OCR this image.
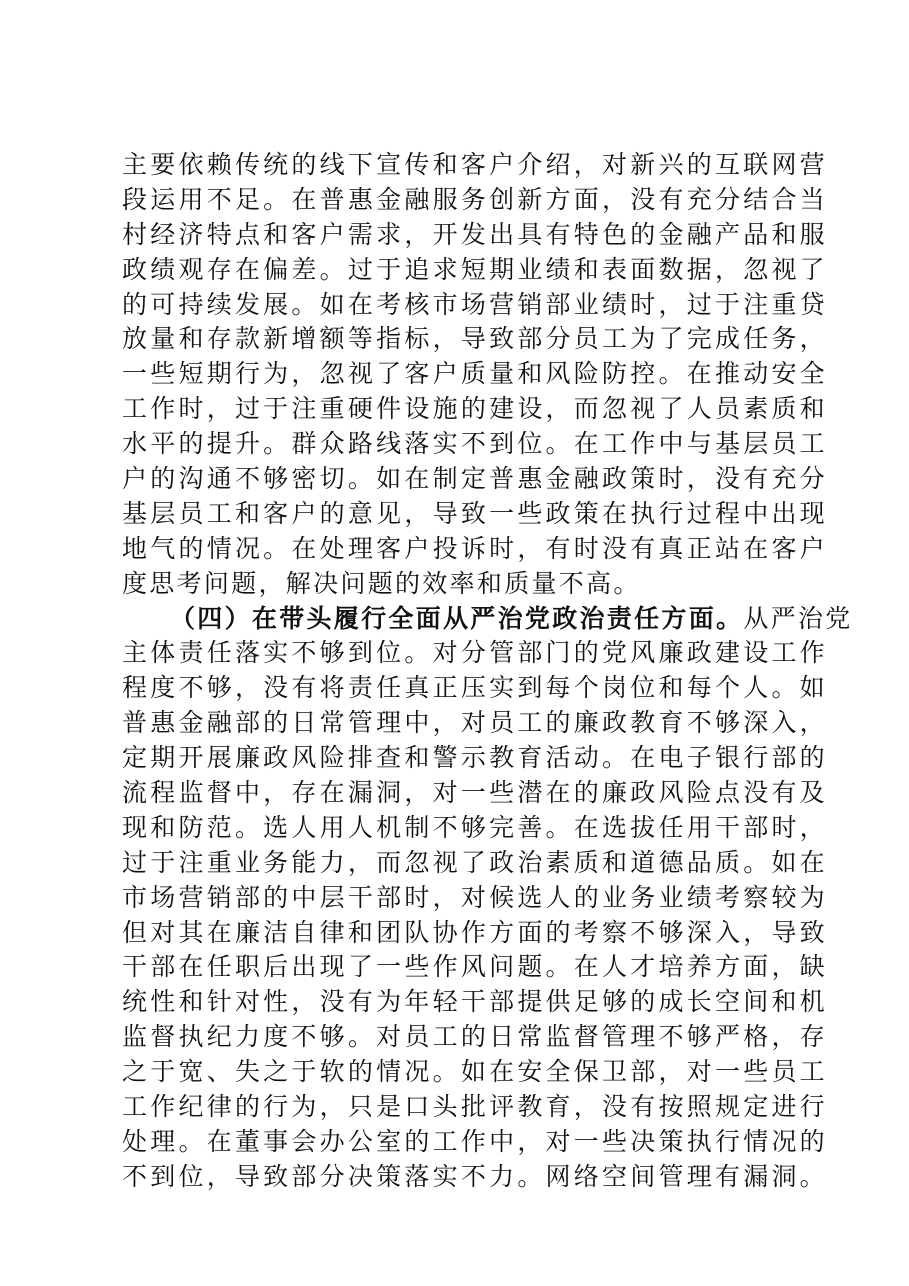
主要依赖传统的线下宣传和客户介绍，对新兴的互联网营
段运用不足。在普惠金融服务创新方面，没有充分结合当
村经济特点和客户需求，开发出具有特色的金融产品和服
政绩观存在偏差。过于追求短期业绩和表面数据，忽视了
的可持续发展。如在考核市场营销部业绩时，过于注重贷
放量和存款新增额等指标，导致部分员工为了完成任务，
一些短期行为，忽视了客户质量和风险防控。在推动安全
工作时，过于注重硬件设施的建设，而忽视了人员素质和
水平的提升。群众路线落实不到位。在工作中与基层员工
户的沟通不够密切。如在制定普惠金融政策时，没有充分
基层员工和客户的意见，导致一些政策在执行过程中出现
地气的情况。在处理客户投诉时，有时没有真正站在客户
度思考问题，解决问题的效率和质量不高。
（四）在带头履行全面从严治党政治责任方面。从严治党
主体责任落实不够到位。对分管部门的党风廉政建设工作
程度不够，没有将责任真正压实到每个岗位和每个人。如
普惠金融部的日常管理中，对员工的廉政教育不够深入，
定期开展廉政风险排查和警示教育活动。在电子银行部的
流程监督中，存在漏洞，对一些潜在的廉政风险点没有及
现和防范。选人用人机制不够完善。在选拔任用干部时，
过于注重业务能力，而忽视了政治素质和道德品质。如在
市场营销部的中层干部时，对候选人的业务业绩考察较为
但对其在廉洁自律和团队协作方面的考察不够深入，导致
干部在任职后出现了一些作风问题。在人才培养方面，缺
统性和针对性，没有为年轻干部提供足够的成长空间和机
监督执纪力度不够。对员工的日常监督管理不够严格，存
之于宽、失之于软的情况。如在安全保卫部，对一些员工
工作纪律的行为，只是口头批评教育，没有按照规定进行
处理。在董事会办公室的工作中，对一些决策执行情况的
不到位，导致部分决策落实不力。网络空间管理有漏洞。
